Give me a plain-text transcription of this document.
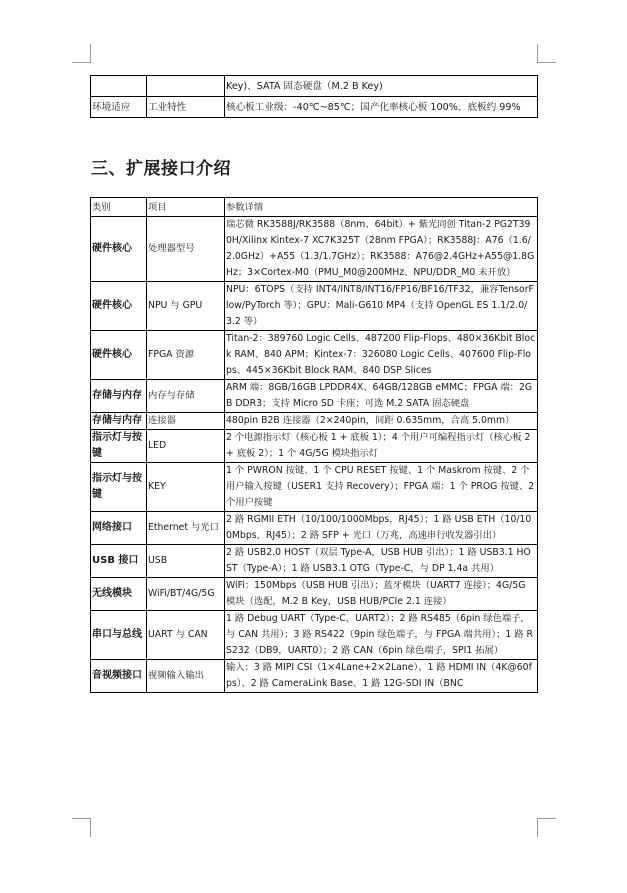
		Key)、SATA 固态硬盘（M.2 B Key)
环境适应	工业特性	核心板工业级：-40℃~85℃；国产化率核心板 100%、底板约 99%
三、扩展接口介绍
类别	项目	参数详情
硬件核心	处理器型号	瑞芯微 RK3588J/RK3588（8nm、64bit）+ 紫光同创 Titan-2 PG2T390H/Xilinx Kintex-7 XC7K325T（28nm FPGA）；RK3588J：A76（1.6/2.0GHz）+A55（1.3/1.7GHz）；RK3588：A76@2.4GHz+A55@1.8GHz；3×Cortex-M0（PMU_M0@200MHz、NPU/DDR_M0 未开放）
硬件核心	NPU 与 GPU	NPU：6TOPS（支持 INT4/INT8/INT16/FP16/BF16/TF32，兼容TensorFlow/PyTorch 等）；GPU：Mali-G610 MP4（支持 OpenGL ES 1.1/2.0/3.2 等）
硬件核心	FPGA 资源	Titan-2：389760 Logic Cells、487200 Flip-Flops、480×36Kbit Block RAM、840 APM；Kintex-7：326080 Logic Cells、407600 Flip-Flops、445×36Kbit Block RAM、840 DSP Slices
存储与内存	内存与存储	ARM 端：8GB/16GB LPDDR4X、64GB/128GB eMMC；FPGA 端：2GB DDR3；支持 Micro SD 卡座；可选 M.2 SATA 固态硬盘
存储与内存	连接器	480pin B2B 连接器（2×240pin，间距 0.635mm，合高 5.0mm）
指示灯与按键	LED	2 个电源指示灯（核心板 1 + 底板 1）；4 个用户可编程指示灯（核心板 2 + 底板 2）；1 个 4G/5G 模块指示灯
指示灯与按键	KEY	1 个 PWRON 按键、1 个 CPU RESET 按键、1 个 Maskrom 按键、2 个用户输入按键（USER1 支持 Recovery）；FPGA 端：1 个 PROG 按键、2 个用户按键
网络接口	Ethernet 与光口	2 路 RGMII ETH（10/100/1000Mbps，RJ45）；1 路 USB ETH（10/100Mbps，RJ45）；2 路 SFP + 光口（万兆，高速串行收发器引出）
USB 接口	USB	2 路 USB2.0 HOST（双层 Type-A，USB HUB 引出）；1 路 USB3.1 HOST（Type-A）；1 路 USB3.1 OTG（Type-C，与 DP 1.4a 共用）
无线模块	WiFi/BT/4G/5G	WiFi：150Mbps（USB HUB 引出）；蓝牙模块（UART7 连接）；4G/5G 模块（选配，M.2 B Key，USB HUB/PCIe 2.1 连接）
串口与总线	UART 与 CAN	1 路 Debug UART（Type-C，UART2）；2 路 RS485（6pin 绿色端子，与 CAN 共用）；3 路 RS422（9pin 绿色端子，与 FPGA 端共用）；1 路 RS232（DB9，UART0）；2 路 CAN（6pin 绿色端子，SPI1 拓展）
音视频接口	视频输入输出	输入：3 路 MIPI CSI（1×4Lane+2×2Lane）、1 路 HDMI IN（4K@60fps）、2 路 CameraLink Base、1 路 12G-SDI IN（BNC
